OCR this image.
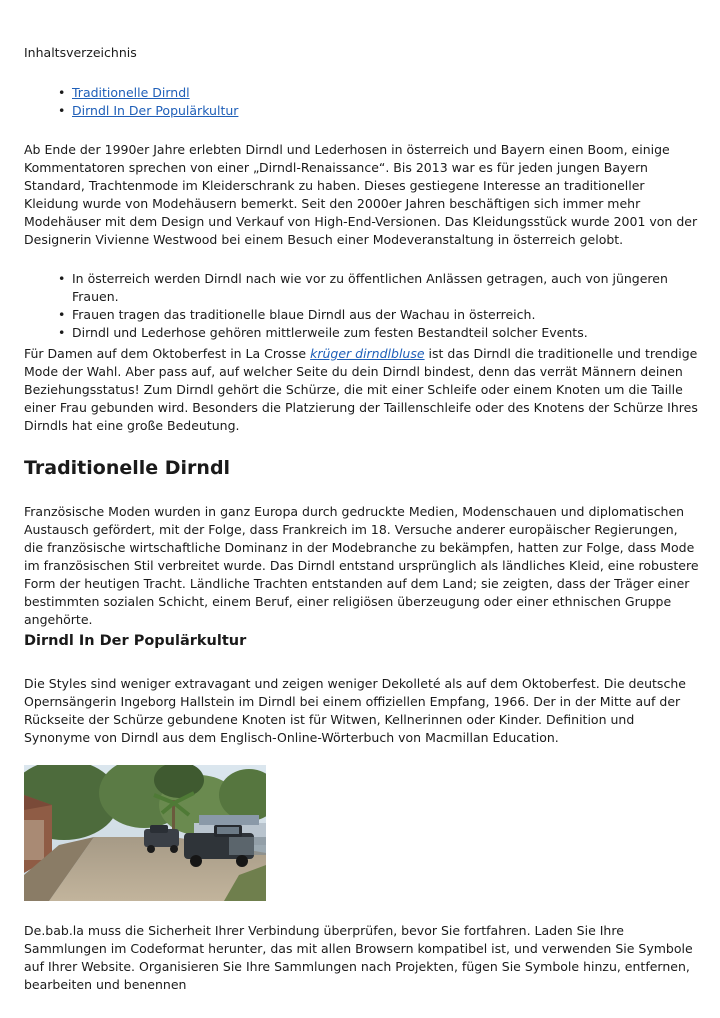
Inhaltsverzeichnis

• Traditionelle Dirndl
• Dirndl In Der Populärkultur

Ab Ende der 1990er Jahre erlebten Dirndl und Lederhosen in österreich und Bayern einen Boom, einige Kommentatoren sprechen von einer „Dirndl-Renaissance“. Bis 2013 war es für jeden jungen Bayern Standard, Trachtenmode im Kleiderschrank zu haben. Dieses gestiegene Interesse an traditioneller Kleidung wurde von Modehäusern bemerkt. Seit den 2000er Jahren beschäftigen sich immer mehr Modehäuser mit dem Design und Verkauf von High-End-Versionen. Das Kleidungsstück wurde 2001 von der Designerin Vivienne Westwood bei einem Besuch einer Modeveranstaltung in österreich gelobt.

• In österreich werden Dirndl nach wie vor zu öffentlichen Anlässen getragen, auch von jüngeren Frauen.
• Frauen tragen das traditionelle blaue Dirndl aus der Wachau in österreich.
• Dirndl und Lederhose gehören mittlerweile zum festen Bestandteil solcher Events.

Für Damen auf dem Oktoberfest in La Crosse krüger dirndlbluse ist das Dirndl die traditionelle und trendige Mode der Wahl. Aber pass auf, auf welcher Seite du dein Dirndl bindest, denn das verrät Männern deinen Beziehungsstatus! Zum Dirndl gehört die Schürze, die mit einer Schleife oder einem Knoten um die Taille einer Frau gebunden wird. Besonders die Platzierung der Taillenschleife oder des Knotens der Schürze Ihres Dirndls hat eine große Bedeutung.

Traditionelle Dirndl

Französische Moden wurden in ganz Europa durch gedruckte Medien, Modenschauen und diplomatischen Austausch gefördert, mit der Folge, dass Frankreich im 18. Versuche anderer europäischer Regierungen, die französische wirtschaftliche Dominanz in der Modebranche zu bekämpfen, hatten zur Folge, dass Mode im französischen Stil verbreitet wurde. Das Dirndl entstand ursprünglich als ländliches Kleid, eine robustere Form der heutigen Tracht. Ländliche Trachten entstanden auf dem Land; sie zeigten, dass der Träger einer bestimmten sozialen Schicht, einem Beruf, einer religiösen überzeugung oder einer ethnischen Gruppe angehörte.

Dirndl In Der Populärkultur

Die Styles sind weniger extravagant und zeigen weniger Dekolleté als auf dem Oktoberfest. Die deutsche Opernsängerin Ingeborg Hallstein im Dirndl bei einem offiziellen Empfang, 1966. Der in der Mitte auf der Rückseite der Schürze gebundene Knoten ist für Witwen, Kellnerinnen oder Kinder. Definition und Synonyme von Dirndl aus dem Englisch-Online-Wörterbuch von Macmillan Education.

De.bab.la muss die Sicherheit Ihrer Verbindung überprüfen, bevor Sie fortfahren. Laden Sie Ihre Sammlungen im Codeformat herunter, das mit allen Browsern kompatibel ist, und verwenden Sie Symbole auf Ihrer Website. Organisieren Sie Ihre Sammlungen nach Projekten, fügen Sie Symbole hinzu, entfernen, bearbeiten und benennen
